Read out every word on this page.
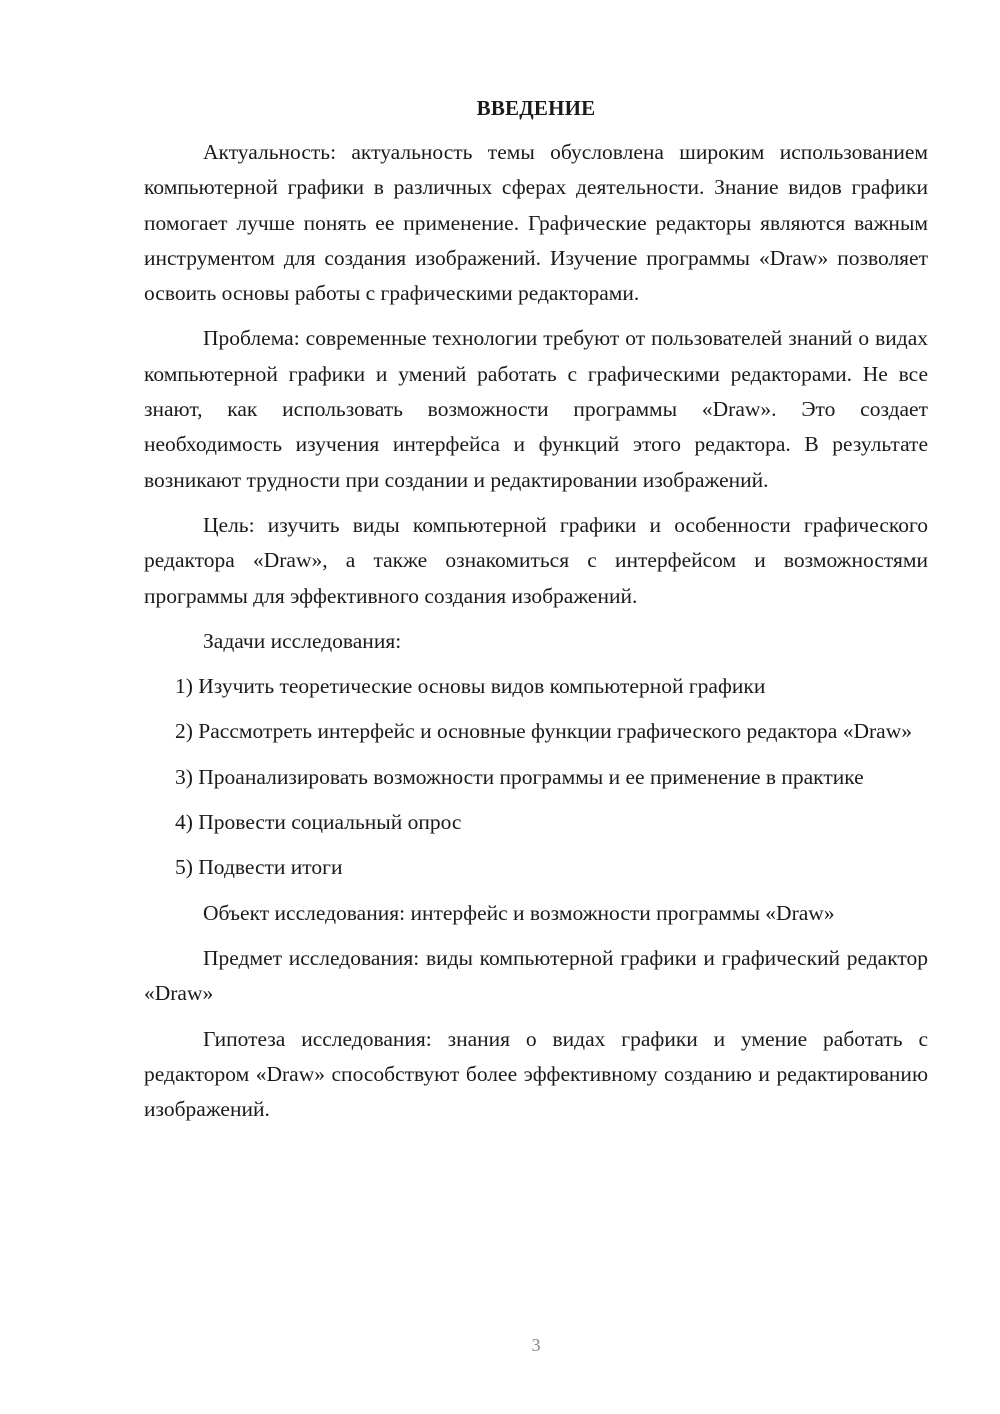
ВВЕДЕНИЕ

Актуальность: актуальность темы обусловлена широким использованием компьютерной графики в различных сферах деятельности. Знание видов графики помогает лучше понять ее применение. Графические редакторы являются важным инструментом для создания изображений. Изучение программы «Draw» позволяет освоить основы работы с графическими редакторами.

Проблема: современные технологии требуют от пользователей знаний о видах компьютерной графики и умений работать с графическими редакторами. Не все знают, как использовать возможности программы «Draw». Это создает необходимость изучения интерфейса и функций этого редактора. В результате возникают трудности при создании и редактировании изображений.

Цель: изучить виды компьютерной графики и особенности графического редактора «Draw», а также ознакомиться с интерфейсом и возможностями программы для эффективного создания изображений.

Задачи исследования:

1) Изучить теоретические основы видов компьютерной графики

2) Рассмотреть интерфейс и основные функции графического редактора «Draw»

3) Проанализировать возможности программы и ее применение в практике

4) Провести социальный опрос

5) Подвести итоги

Объект исследования: интерфейс и возможности программы «Draw»

Предмет исследования: виды компьютерной графики и графический редактор «Draw»

Гипотеза исследования: знания о видах графики и умение работать с редактором «Draw» способствуют более эффективному созданию и редактированию изображений.

3
